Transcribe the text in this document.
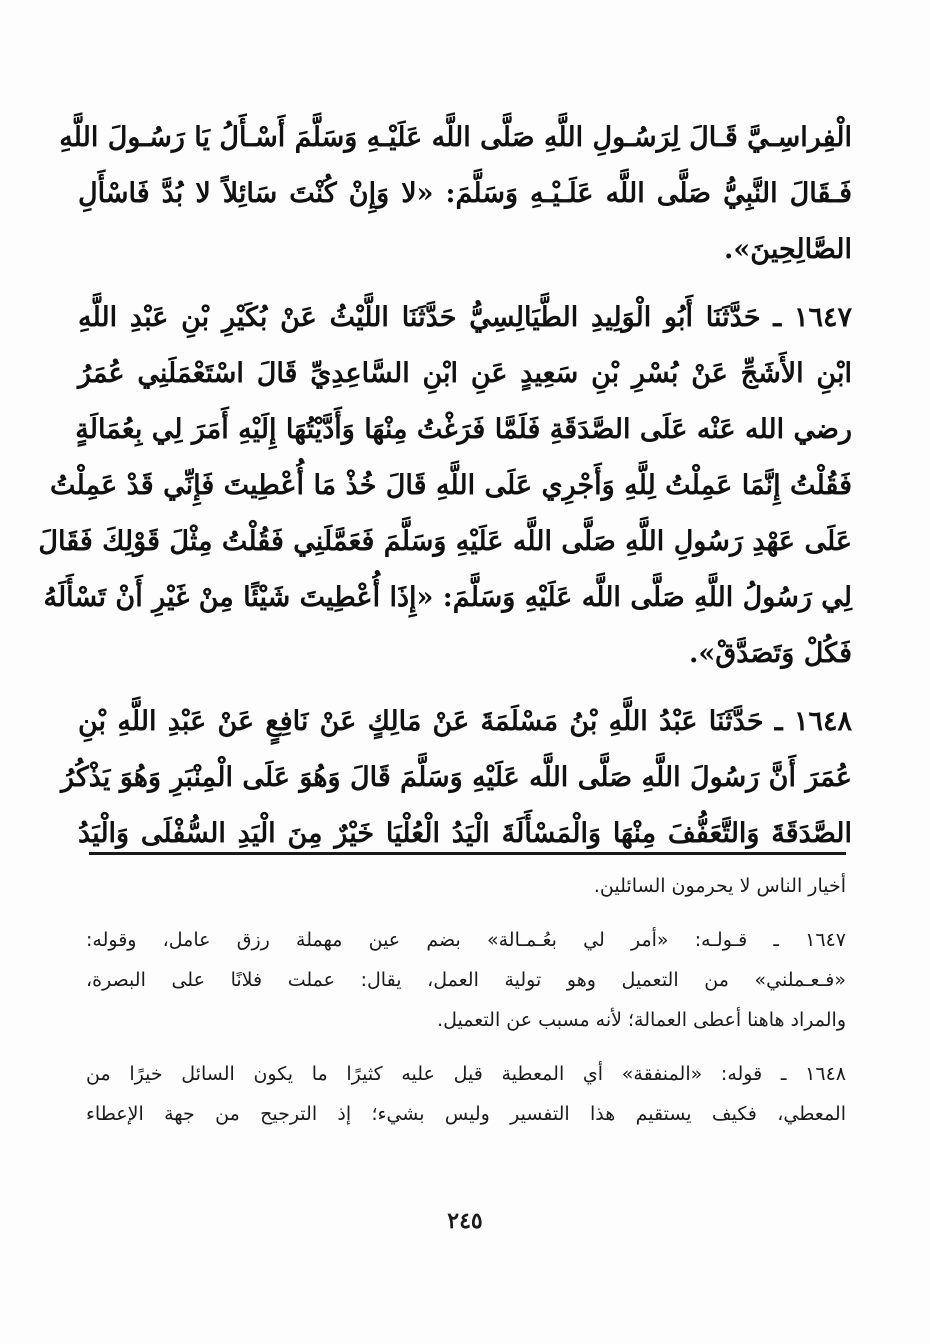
الْفِراسِـيَّ قَـالَ لِرَسُـولِ اللَّهِ صَلَّى اللَّه عَلَيْـهِ وَسَلَّمَ أَسْـأَلُ يَا رَسُـولَ اللَّهِ
فَـقَالَ النَّبِيُّ صَلَّى اللَّه عَلَـيْـهِ وَسَلَّمَ: «لا وَإِنْ كُنْتَ سَائِلاً لا بُدَّ فَاسْأَلِ
الصَّالِحِينَ».
١٦٤٧ ـ حَدَّثَنَا أَبُو الْوَلِيدِ الطَّيَالِسِيُّ حَدَّثَنَا اللَّيْثُ عَنْ بُكَيْرِ بْنِ عَبْدِ اللَّهِ
ابْنِ الأَشَجِّ عَنْ بُسْرِ بْنِ سَعِيدٍ عَنِ ابْنِ السَّاعِدِيِّ قَالَ اسْتَعْمَلَنِي عُمَرُ
رضي الله عَنْه عَلَى الصَّدَقَةِ فَلَمَّا فَرَغْتُ مِنْهَا وَأَدَّيْتُهَا إِلَيْهِ أَمَرَ لِي بِعُمَالَةٍ
فَقُلْتُ إِنَّمَا عَمِلْتُ لِلَّهِ وَأَجْرِي عَلَى اللَّهِ قَالَ خُذْ مَا أُعْطِيتَ فَإِنِّي قَدْ عَمِلْتُ
عَلَى عَهْدِ رَسُولِ اللَّهِ صَلَّى اللَّه عَلَيْهِ وَسَلَّمَ فَعَمَّلَنِي فَقُلْتُ مِثْلَ قَوْلِكَ فَقَالَ
لِي رَسُولُ اللَّهِ صَلَّى اللَّه عَلَيْهِ وَسَلَّمَ: «إِذَا أُعْطِيتَ شَيْئًا مِنْ غَيْرِ أَنْ تَسْأَلَهُ
فَكُلْ وَتَصَدَّقْ».
١٦٤٨ ـ حَدَّثَنَا عَبْدُ اللَّهِ بْنُ مَسْلَمَةَ عَنْ مَالِكٍ عَنْ نَافِعٍ عَنْ عَبْدِ اللَّهِ بْنِ
عُمَرَ أَنَّ رَسُولَ اللَّهِ صَلَّى اللَّه عَلَيْهِ وَسَلَّمَ قَالَ وَهُوَ عَلَى الْمِنْبَرِ وَهُوَ يَذْكُرُ
الصَّدَقَةَ وَالتَّعَفُّفَ مِنْهَا وَالْمَسْأَلَةَ الْيَدُ الْعُلْيَا خَيْرٌ مِنَ الْيَدِ السُّفْلَى وَالْيَدُ
أخيار الناس لا يحرمون السائلين.
١٦٤٧ ـ قـولـه: «أمر لي بعُـمـالة» بضم عين مهملة رزق عامل، وقوله:
«فـعـملني» من التعميل وهو تولية العمل، يقال: عملت فلانًا على البصرة،
والمراد هاهنا أعطى العمالة؛ لأنه مسبب عن التعميل.
١٦٤٨ ـ قوله: «المنفقة» أي المعطية قيل عليه كثيرًا ما يكون السائل خيرًا من
المعطي، فكيف يستقيم هذا التفسير وليس بشيء؛ إذ الترجيح من جهة الإعطاء
٢٤٥
